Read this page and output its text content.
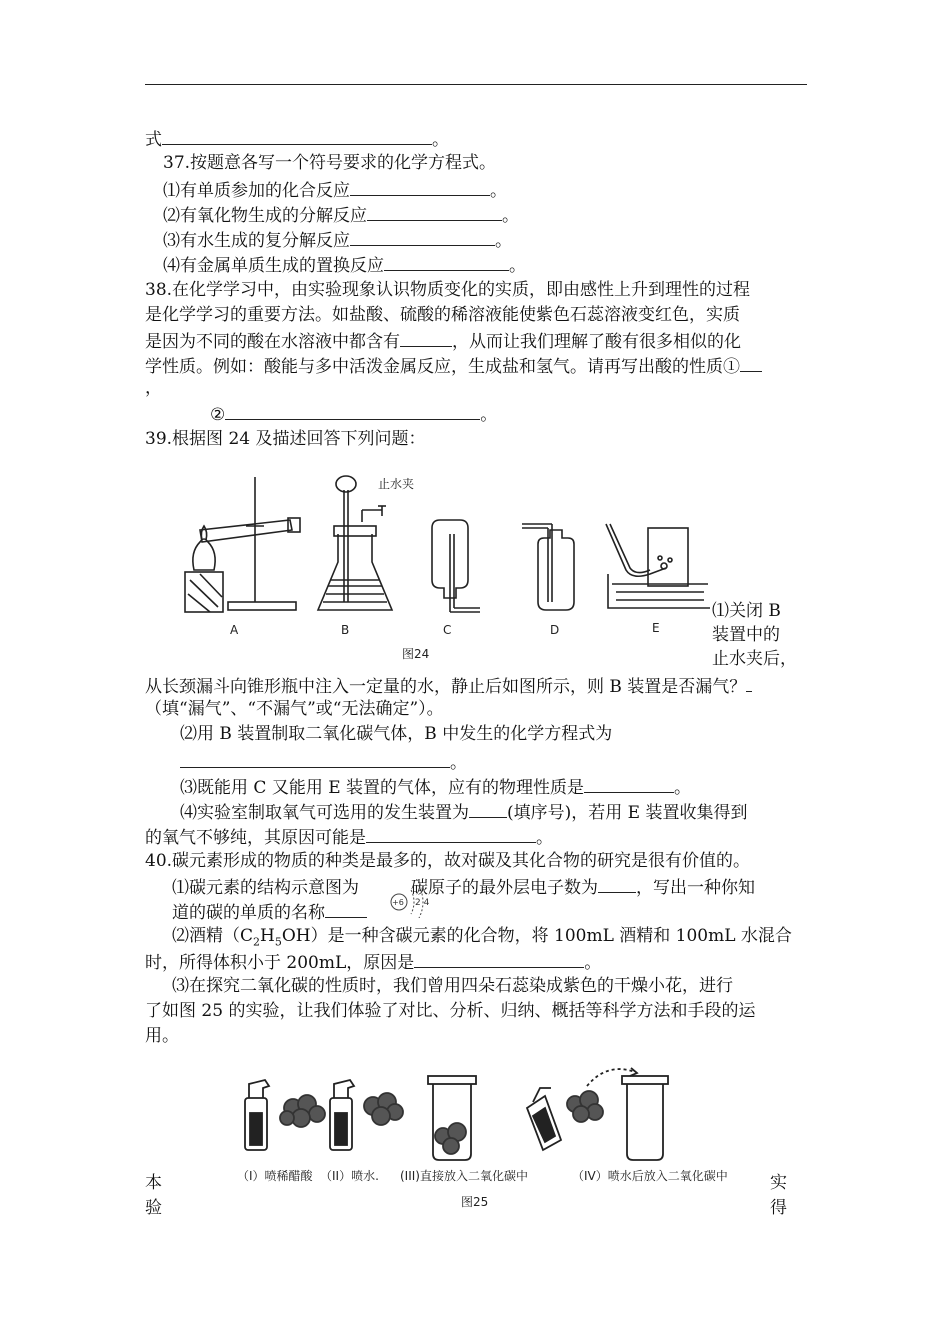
式	。
37.按题意各写一个符号要求的化学方程式。
⑴有单质参加的化合反应	。
⑵有氧化物生成的分解反应	。
⑶有水生成的复分解反应	。
⑷有金属单质生成的置换反应	。
38.在化学学习中，由实验现象认识物质变化的实质，即由感性上升到理性的过程
是化学学习的重要方法。如盐酸、硫酸的稀溶液能使紫色石蕊溶液变红色，实质
是因为不同的酸在水溶液中都含有	，从而让我们理解了酸有很多相似的化
学性质。例如：酸能与多中活泼金属反应，生成盐和氢气。请再写出酸的性质①
，
②	。
39.根据图 24 及描述回答下列问题：
A
止水夹
B	C	D	E
图24
⑴关闭 B
装置中的
止水夹后，
从长颈漏斗向锥形瓶中注入一定量的水，静止后如图所示，则 B 装置是否漏气？
（填“漏气”、“不漏气”或“无法确定”）。
⑵用 B 装置制取二氧化碳气体，B 中发生的化学方程式为
。
⑶既能用 C 又能用 E 装置的气体，应有的物理性质是	。
⑷实验室制取氧气可选用的发生装置为 (填序号)，若用 E 装置收集得到
的氧气不够纯，其原因可能是	。
40.碳元素形成的物质的种类是最多的，故对碳及其化合物的研究是很有价值的。
⑴碳元素的结构示意图为	碳原子的最外层电子数为 ，写出一种你知
+6 2 4
道的碳的单质的名称
⑵酒精$(C_2H_5OH)$是一种含碳元素的化合物，将 100mL 酒精和 100mL 水混合
时，所得体积小于 200mL，原因是	。
⑶在探究二氧化碳的性质时，我们曾用四朵石蕊染成紫色的干燥小花，进行
了如图 25 的实验，让我们体验了对比、分析、归纳、概括等科学方法和手段的运
用。
（I）喷稀醋酸 （II）喷水. (III)直接放入二氧化碳中	（IV）喷水后放入二氧化碳中
图25
本
验
实
得
